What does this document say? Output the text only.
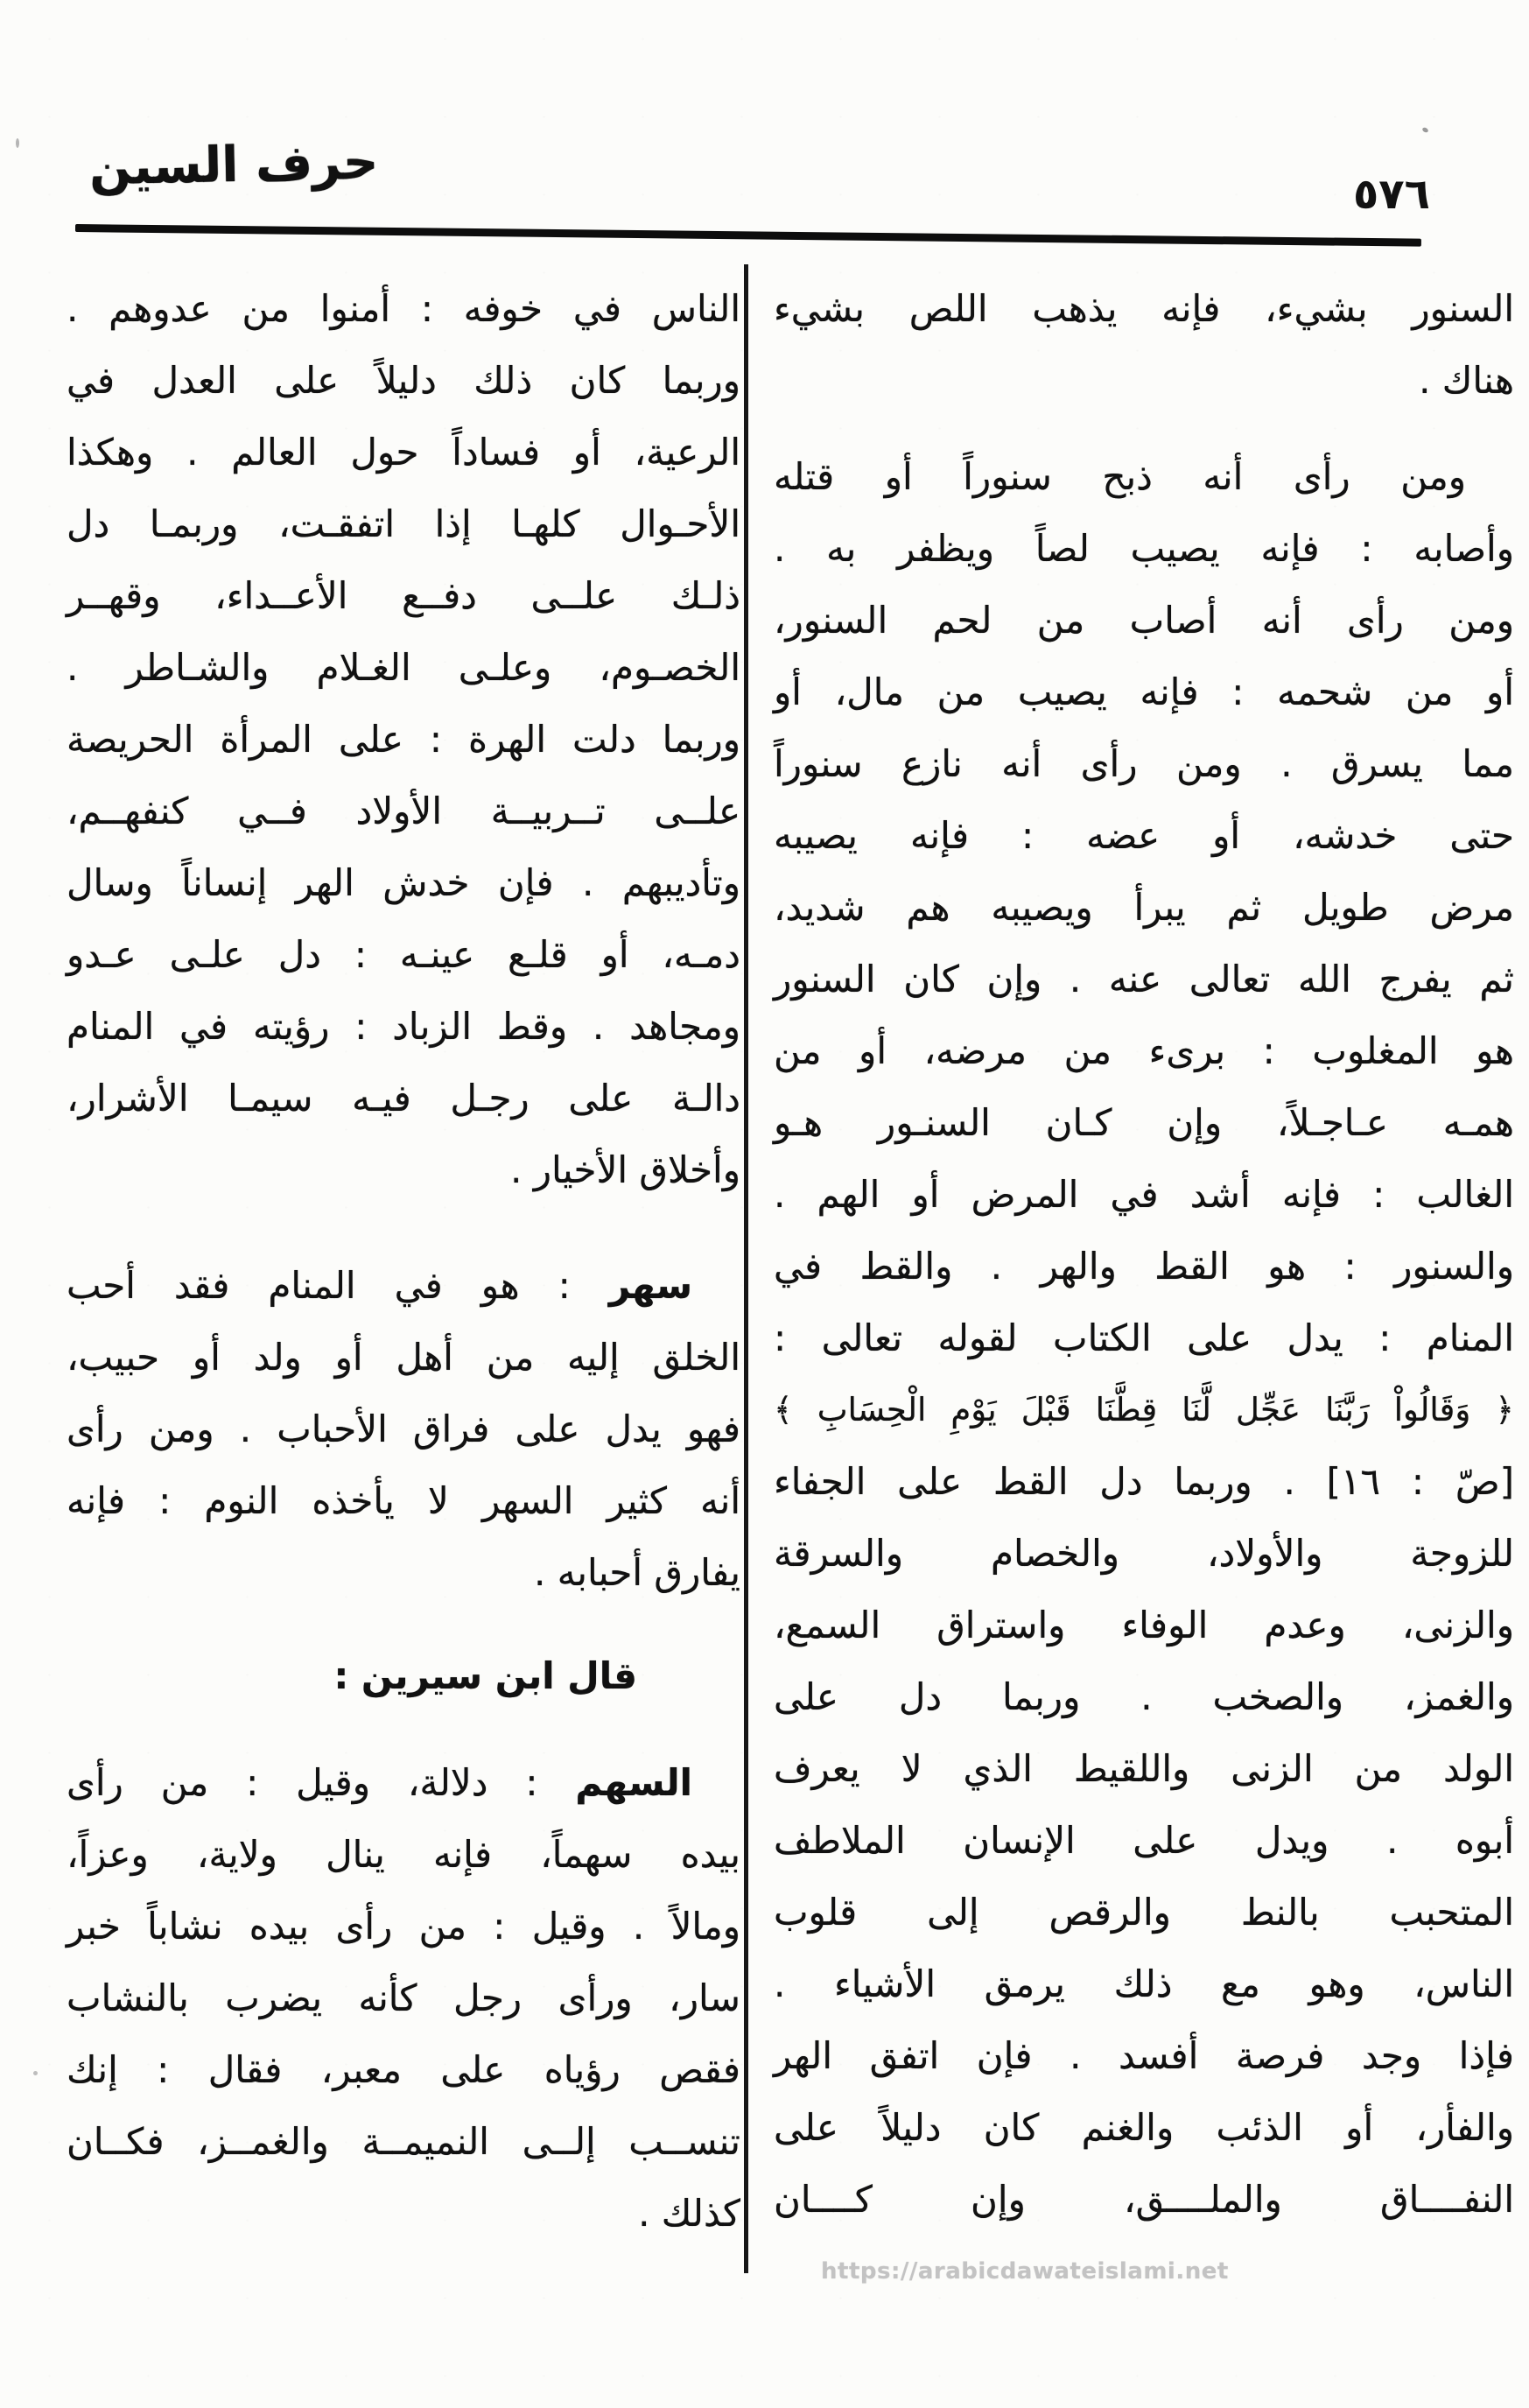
حرف السين	٥٧٦
السنور بشيء، فإنه يذهب اللص بشيء
هناك .
ومن رأى أنه ذبح سنوراً أو قتله
وأصابه : فإنه يصيب لصاً ويظفر به .
ومن رأى أنه أصاب من لحم السنور،
أو من شحمه : فإنه يصيب من مال، أو
مما يسرق . ومن رأى أنه نازع سنوراً
حتى خدشه، أو عضه : فإنه يصيبه
مرض طويل ثم يبرأ ويصيبه هم شديد،
ثم يفرج الله تعالى عنه . وإن كان السنور
هو المغلوب : برىء من مرضه، أو من
همـه عـاجـلاً، وإن كـان السنـور هـو
الغالب : فإنه أشد في المرض أو الهم .
والسنور : هو القط والهر . والقط في
المنام : يدل على الكتاب لقوله تعالى :
﴿ وَقَالُواْ رَبَّنَا عَجِّل لَّنَا قِطَّنَا قَبْلَ يَوْمِ الْحِسَابِ ﴾
[صّ : ١٦] . وربما دل القط على الجفاء
للزوجة والأولاد، والخصام والسرقة
والزنى، وعدم الوفاء واستراق السمع،
والغمز، والصخب . وربما دل على
الولد من الزنى واللقيط الذي لا يعرف
أبوه . ويدل على الإنسان الملاطف
المتحبب بالنط والرقص إلى قلوب
الناس، وهو مع ذلك يرمق الأشياء .
فإذا وجد فرصة أفسد . فإن اتفق الهر
والفأر، أو الذئب والغنم كان دليلاً على
النفــــاق والملــــق، وإن كــــان
الناس في خوفه : أمنوا من عدوهم .
وربما كان ذلك دليلاً على العدل في
الرعية، أو فساداً حول العالم . وهكذا
الأحـوال كلهـا إذا اتفقـت، وربمـا دل
ذلـك علــى دفــع الأعــداء، وقهــر
الخصـوم، وعلـى الغـلام والشـاطر .
وربما دلت الهرة : على المرأة الحريصة
علــى تــربيــة الأولاد فــي كنفهــم،
وتأديبهم . فإن خدش الهر إنساناً وسال
دمـه، أو قلـع عينـه : دل علـى عـدو
ومجاهد . وقط الزباد : رؤيته في المنام
دالـة على رجـل فيـه سيمـا الأشرار،
وأخلاق الأخيار .
سهر : هو في المنام فقد أحب
الخلق إليه من أهل أو ولد أو حبيب،
فهو يدل على فراق الأحباب . ومن رأى
أنه كثير السهر لا يأخذه النوم : فإنه
يفارق أحبابه .
قال ابن سيرين :
السهم : دلالة، وقيل : من رأى
بيده سهماً، فإنه ينال ولاية، وعزاً،
ومالاً . وقيل : من رأى بيده نشاباً خبر
سار، ورأى رجل كأنه يضرب بالنشاب
فقص رؤياه على معبر، فقال : إنك
تنســب إلــى النميمــة والغمــز، فكــان
كذلك .
https://arabicdawateislami.net
